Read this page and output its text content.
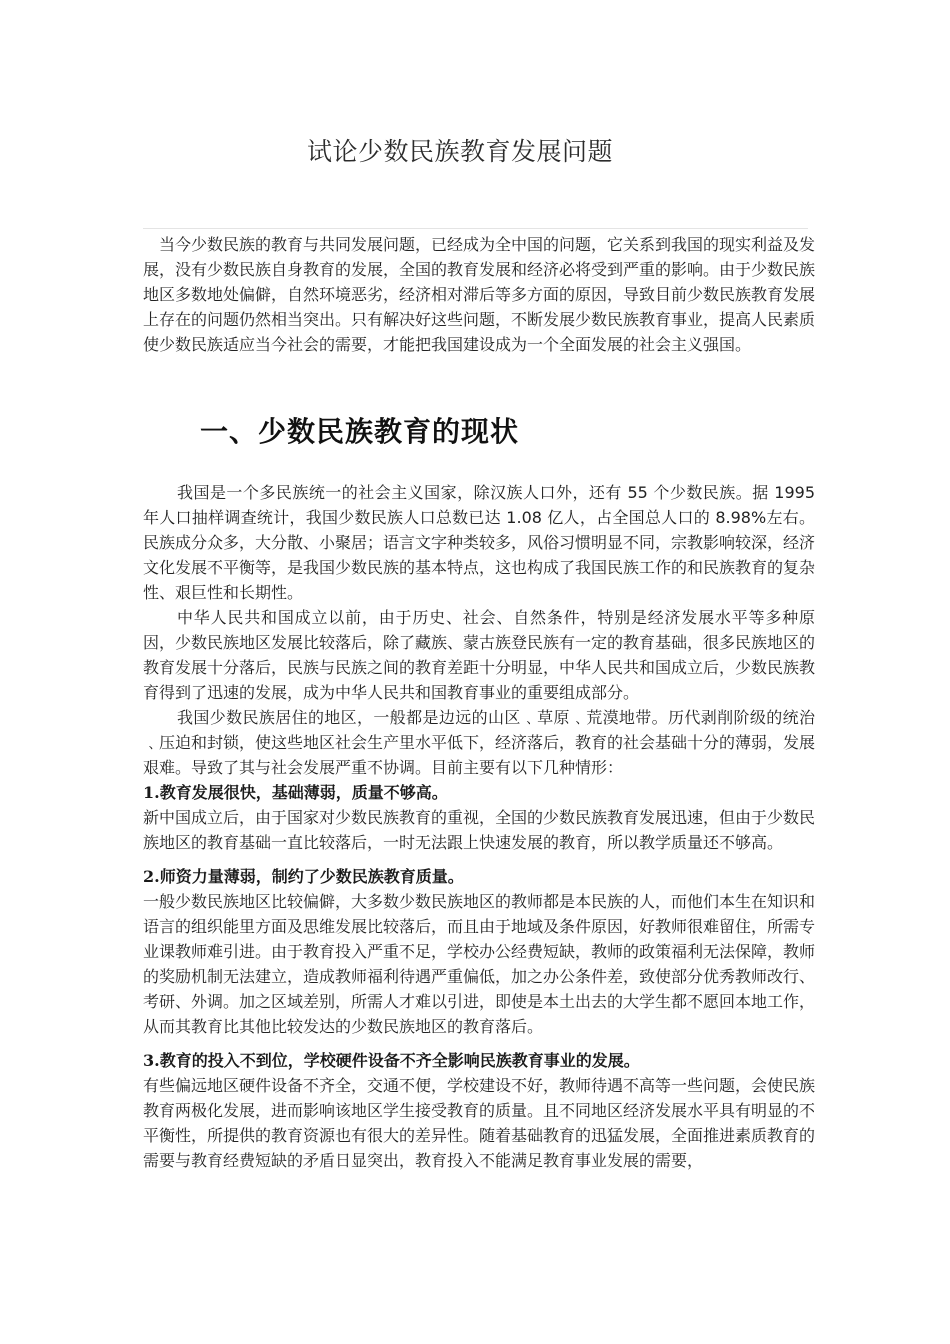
试论少数民族教育发展问题

当今少数民族的教育与共同发展问题，已经成为全中国的问题，它关系到我国的现实利益及发展，没有少数民族自身教育的发展，全国的教育发展和经济必将受到严重的影响。由于少数民族地区多数地处偏僻，自然环境恶劣，经济相对滞后等多方面的原因，导致目前少数民族教育发展上存在的问题仍然相当突出。只有解决好这些问题，不断发展少数民族教育事业，提高人民素质使少数民族适应当今社会的需要，才能把我国建设成为一个全面发展的社会主义强国。

一、少数民族教育的现状

我国是一个多民族统一的社会主义国家，除汉族人口外，还有 55 个少数民族。据 1995 年人口抽样调查统计，我国少数民族人口总数已达 1.08 亿人，占全国总人口的 8.98%左右。民族成分众多，大分散、小聚居；语言文字种类较多，风俗习惯明显不同，宗教影响较深，经济文化发展不平衡等，是我国少数民族的基本特点，这也构成了我国民族工作的和民族教育的复杂性、艰巨性和长期性。

中华人民共和国成立以前，由于历史、社会、自然条件，特别是经济发展水平等多种原因，少数民族地区发展比较落后，除了藏族、蒙古族登民族有一定的教育基础，很多民族地区的教育发展十分落后，民族与民族之间的教育差距十分明显，中华人民共和国成立后，少数民族教育得到了迅速的发展，成为中华人民共和国教育事业的重要组成部分。

我国少数民族居住的地区，一般都是边远的山区﹑草原﹑荒漠地带。历代剥削阶级的统治﹑压迫和封锁，使这些地区社会生产里水平低下，经济落后，教育的社会基础十分的薄弱，发展艰难。导致了其与社会发展严重不协调。目前主要有以下几种情形：

1.教育发展很快，基础薄弱，质量不够高。

新中国成立后，由于国家对少数民族教育的重视，全国的少数民族教育发展迅速，但由于少数民族地区的教育基础一直比较落后，一时无法跟上快速发展的教育，所以教学质量还不够高。

2.师资力量薄弱，制约了少数民族教育质量。

一般少数民族地区比较偏僻，大多数少数民族地区的教师都是本民族的人，而他们本生在知识和语言的组织能里方面及思维发展比较落后，而且由于地域及条件原因，好教师很难留住，所需专业课教师难引进。由于教育投入严重不足，学校办公经费短缺，教师的政策福利无法保障，教师的奖励机制无法建立，造成教师福利待遇严重偏低，加之办公条件差，致使部分优秀教师改行、考研、外调。加之区域差别，所需人才难以引进，即使是本土出去的大学生都不愿回本地工作，从而其教育比其他比较发达的少数民族地区的教育落后。

3.教育的投入不到位，学校硬件设备不齐全影响民族教育事业的发展。

有些偏远地区硬件设备不齐全，交通不便，学校建设不好，教师待遇不高等一些问题，会使民族教育两极化发展，进而影响该地区学生接受教育的质量。且不同地区经济发展水平具有明显的不平衡性，所提供的教育资源也有很大的差异性。随着基础教育的迅猛发展，全面推进素质教育的需要与教育经费短缺的矛盾日显突出，教育投入不能满足教育事业发展的需要，
